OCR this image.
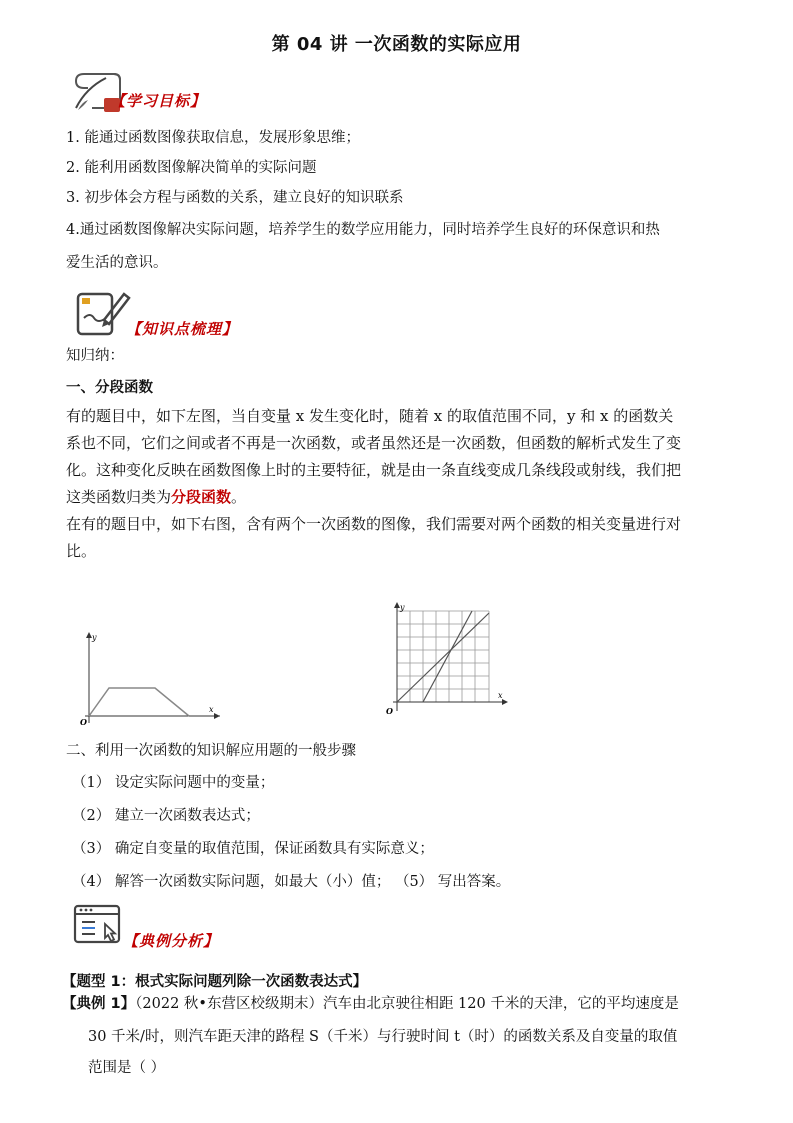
第 04 讲 一次函数的实际应用
【学习目标】
1. 能通过函数图像获取信息，发展形象思维；
2. 能利用函数图像解决简单的实际问题
3. 初步体会方程与函数的关系，建立良好的知识联系
4.通过函数图像解决实际问题，培养学生的数学应用能力，同时培养学生良好的环保意识和热
爱生活的意识。
【知识点梳理】
知归纳：
一、分段函数
有的题目中，如下左图，当自变量 x 发生变化时，随着 x 的取值范围不同，y 和 x 的函数关
系也不同，它们之间或者不再是一次函数，或者虽然还是一次函数，但函数的解析式发生了变
化。这种变化反映在函数图像上时的主要特征，就是由一条直线变成几条线段或射线，我们把
这类函数归类为分段函数。
在有的题目中，如下右图，含有两个一次函数的图像，我们需要对两个函数的相关变量进行对
比。
y
x
O
y
x
O
二、利用一次函数的知识解应用题的一般步骤
（1） 设定实际问题中的变量；
（2） 建立一次函数表达式；
（3） 确定自变量的取值范围，保证函数具有实际意义；
（4） 解答一次函数实际问题，如最大（小）值； （5） 写出答案。
【典例分析】
【题型 1：根式实际问题列除一次函数表达式】
【典例 1】（2022 秋•东营区校级期末）汽车由北京驶往相距 120 千米的天津，它的平均速度是
30 千米/时，则汽车距天津的路程 S（千米）与行驶时间 t（时）的函数关系及自变量的取值
范围是（ ）
